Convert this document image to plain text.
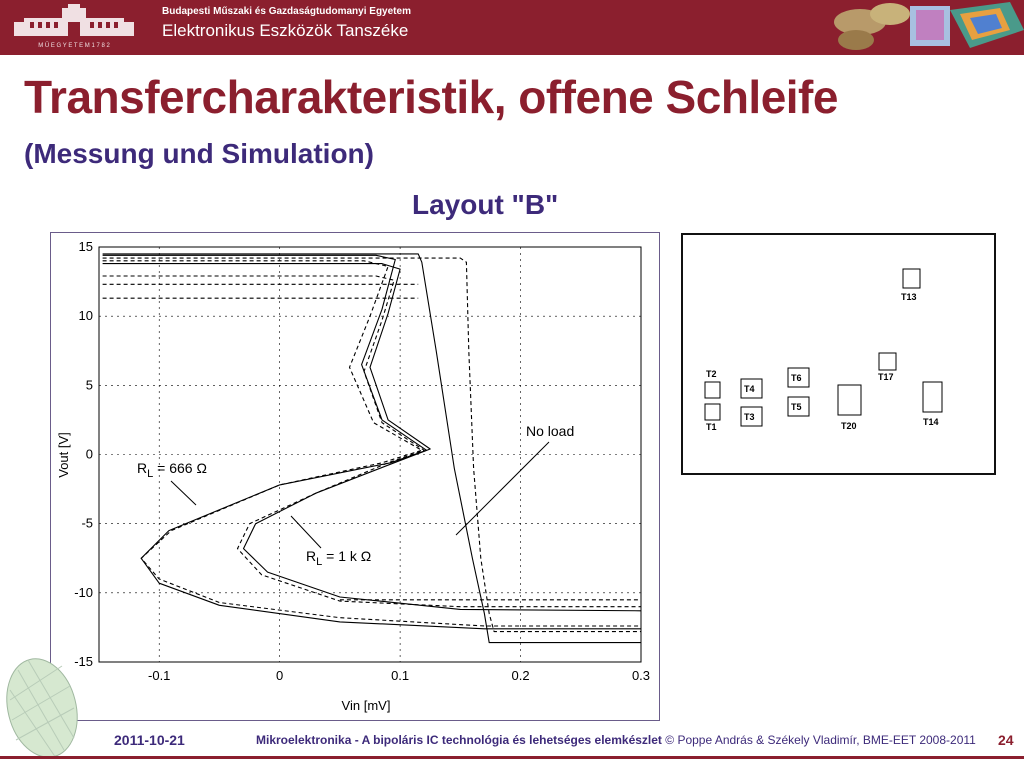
M Ű E G Y E T E M 1 7 8 2
Budapesti Műszaki és Gazdaságtudomanyi Egyetem
Elektronikus Eszközök Tanszéke
Transfercharakteristik, offene Schleife
(Messung und Simulation)
Layout "B"
-0.1	0	0.1	0.2	0.3
15
10
5
0
-5
-10
-15
Vin [mV]
Vout [V]
No load
$R_L = 666$ Ω
$R_L = 1$ k Ω
T13
T2
T1
T4
T3
T6
T5
T20
T17
T14
2011-10-21	Mikroelektronika - A bipoláris IC technológia és lehetséges elemkészlet © Poppe András & Székely Vladimír, BME-EET 2008-2011 24
